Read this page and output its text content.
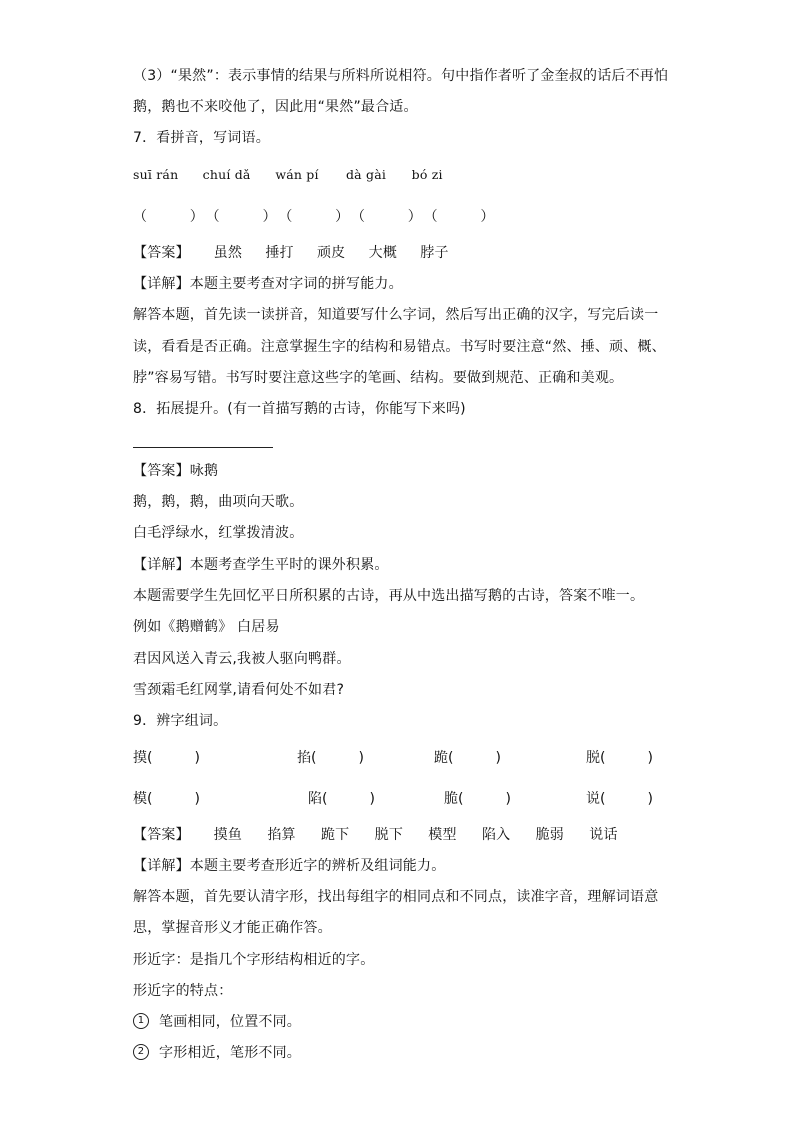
（3）“果然”：表示事情的结果与所料所说相符。句中指作者听了金奎叔的话后不再怕
鹅，鹅也不来咬他了，因此用“果然”最合适。
7．看拼音，写词语。
suī rán chuí dǎ wán pí dà gài bó zi
（　　　） （　　　） （　　　） （　　　） （　　　）
【答案】 虽然 捶打 顽皮 大概 脖子
【详解】本题主要考查对字词的拼写能力。
解答本题，首先读一读拼音，知道要写什么字词，然后写出正确的汉字，写完后读一
读，看看是否正确。注意掌握生字的结构和易错点。书写时要注意“然、捶、顽、概、
脖”容易写错。书写时要注意这些字的笔画、结构。要做到规范、正确和美观。
8．拓展提升。(有一首描写鹅的古诗，你能写下来吗)
【答案】咏鹅
鹅，鹅，鹅，曲项向天歌。
白毛浮绿水，红掌拨清波。
【详解】本题考查学生平时的课外积累。
本题需要学生先回忆平日所积累的古诗，再从中选出描写鹅的古诗，答案不唯一。
例如《鹅赠鹤》 白居易
君因风送入青云,我被人驱向鸭群。
雪颈霜毛红网掌,请看何处不如君?
9．辨字组词。
摸(　　　)	掐(　　　)	跪(　　　)	脱(　　　)
模(　　　)	陷(　　　)	脆(　　　)	说(　　　)
【答案】 摸鱼 掐算 跪下 脱下 模型 陷入 脆弱 说话
【详解】本题主要考查形近字的辨析及组词能力。
解答本题，首先要认清字形，找出每组字的相同点和不同点，读准字音，理解词语意
思，掌握音形义才能正确作答。
形近字：是指几个字形结构相近的字。
形近字的特点：
1 笔画相同，位置不同。
2 字形相近，笔形不同。
